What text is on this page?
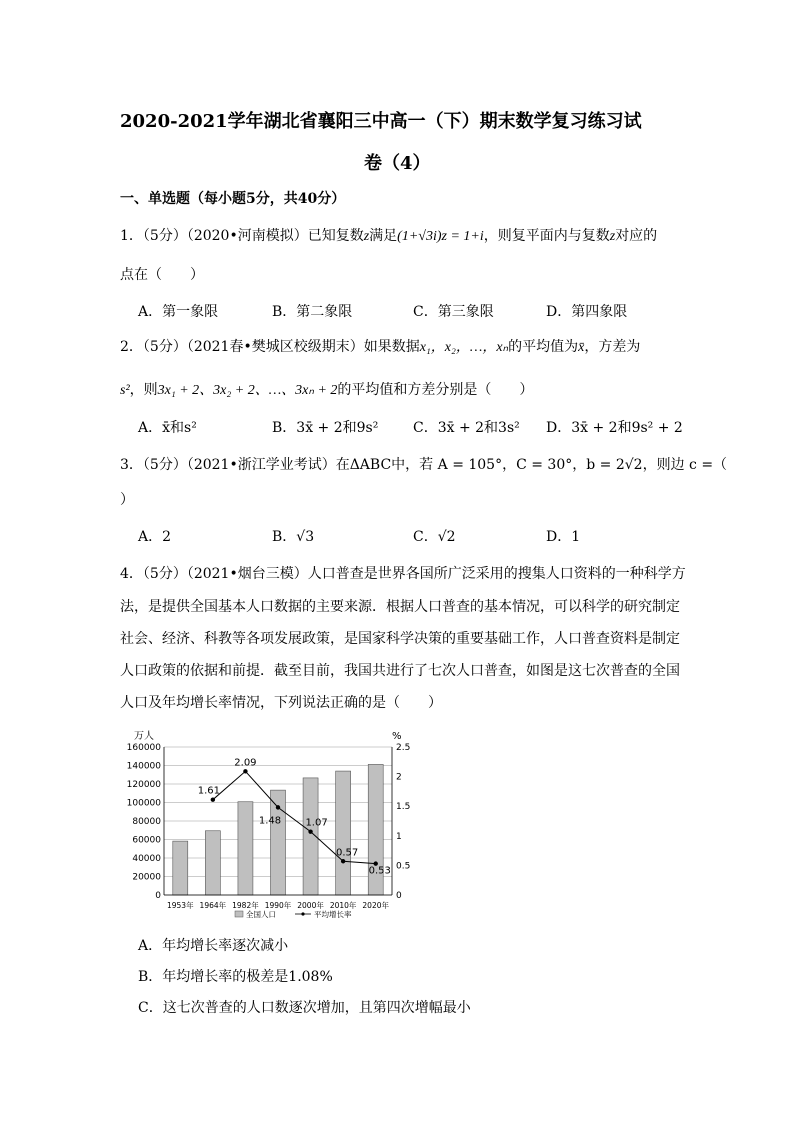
2020-2021学年湖北省襄阳三中高一（下）期末数学复习练习试
卷（4）
一、单选题（每小题5分，共40分）
1．（5分）（2020•河南模拟）已知复数z满足(1+√3i)z = 1+i，则复平面内与复数z对应的
点在（　　）
A．第一象限	B．第二象限	C．第三象限	D．第四象限
2．（5分）（2021春•樊城区校级期末）如果数据x₁，x₂，…，xₙ的平均值为x̄，方差为
s²，则3x₁ + 2、3x₂ + 2、…、3xₙ + 2的平均值和方差分别是（　　）
A．x̄和s²	B．3x̄ + 2和9s² C．3x̄ + 2和3s² D．3x̄ + 2和9s² + 2
3．（5分）（2021•浙江学业考试）在ΔABC中，若 A = 105°，C = 30°，b = 2√2，则边 c =（
）
A．2	B．√3	C．√2	D．1
4．（5分）（2021•烟台三模）人口普查是世界各国所广泛采用的搜集人口资料的一种科学方
法，是提供全国基本人口数据的主要来源．根据人口普查的基本情况，可以科学的研究制定
社会、经济、科教等各项发展政策，是国家科学决策的重要基础工作，人口普查资料是制定
人口政策的依据和前提．截至目前，我国共进行了七次人口普查，如图是这七次普查的全国
人口及年均增长率情况，下列说法正确的是（　　）
0
20000
40000
60000
80000
100000
120000
140000
160000
0
0.5
1
1.5
2
2.5
万人	%
1953年 1964年 1982年 1990年 2000年 2010年 2020年
1.61
2.09
1.48 1.07
0.57
0.53
全国人口	平均增长率
A．年均增长率逐次减小
B．年均增长率的极差是1.08%
C．这七次普查的人口数逐次增加，且第四次增幅最小
